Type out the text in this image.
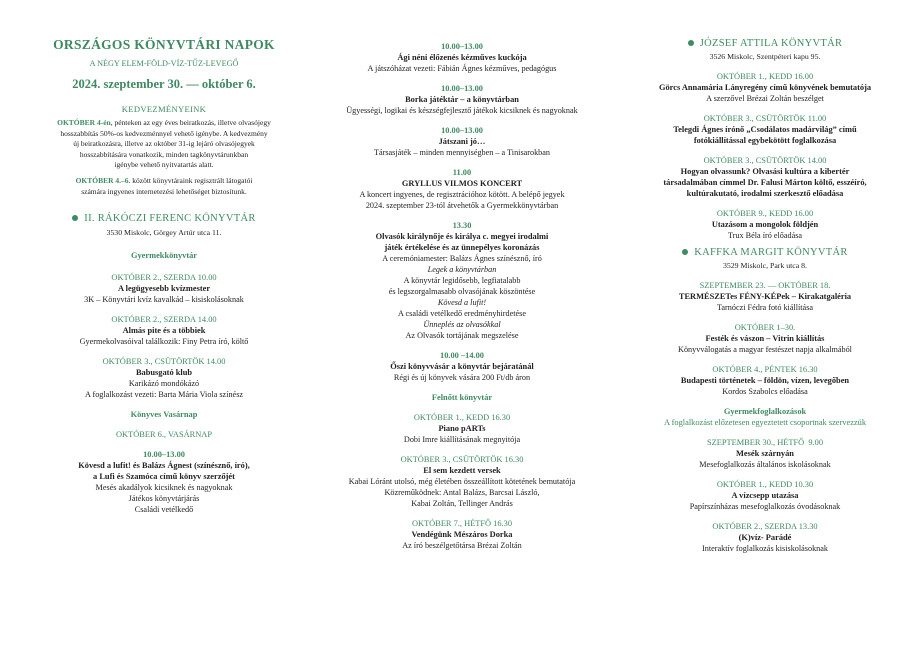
ORSZÁGOS KÖNYVTÁRI NAPOK
A NÉGY ELEM-FÖLD-VÍZ-TŰZ-LEVEGŐ
2024. szeptember 30. — október 6.
KEDVEZMÉNYEINK
OKTÓBER 4-én, pénteken az egy éves beiratkozás, illetve olvasójegy
hosszabbítás 50%-os kedvezménnyel vehető igénybe. A kedvezmény
új beiratkozásra, illetve az október 31-ig lejáró olvasójegyek
hosszabbítására vonatkozik, minden tagkönyvtárunkban
igénybe vehető nyitvatartás alatt.
OKTÓBER 4.–6. között könyvtáraink regisztrált látogatói
számára ingyenes internetezési lehetőséget biztosítunk.
II. RÁKÓCZI FERENC KÖNYVTÁR
3530 Miskolc, Görgey Artúr utca 11.
Gyermekkönyvtár
OKTÓBER 2., SZERDA 10.00
A legügyesebb kvízmester
3K – Könyvtári kvíz kavalkád – kisiskolásoknak
OKTÓBER 2., SZERDA 14.00
Almás pite és a többiek
Gyermekolvasóival találkozik: Finy Petra író, költő
OKTÓBER 3., CSÜTÖRTÖK 14.00
Babusgató klub
Karikázó mondókázó
A foglalkozást vezeti: Barta Mária Viola színész
Könyves Vasárnap
OKTÓBER 6., VASÁRNAP
10.00–13.00
Kövesd a lufit! és Balázs Ágnest (színésznő, író),
a Lufi és Szamóca című könyv szerzőjét
Mesés akadályok kicsiknek és nagyoknak
Játékos könyvtárjárás
Családi vetélkedő
10.00–13.00
Ági néni élőzenés kézműves kuckója
A játszóházat vezeti: Fábián Ágnes kézműves, pedagógus
10.00–13.00
Borka játéktár – a könyvtárban
Ügyességi, logikai és készségfejlesztő játékok kicsiknek és nagyoknak
10.00–13.00
Játszani jó…
Társasjáték – minden mennyiségben – a Tinisarokban
11.00
GRYLLUS VILMOS KONCERT
A koncert ingyenes, de regisztrációhoz kötött. A belépő jegyek
2024. szeptember 23-tól átvehetők a Gyermekkönyvtárban
13.30
Olvasók királynője és királya c. megyei irodalmi
játék értékelése és az ünnepélyes koronázás
A ceremóniamester: Balázs Ágnes színésznő, író
Legek a könyvtárban
A könyvtár legidősebb, legfiatalabb
és legszorgalmasabb olvasójának köszöntése
Kövesd a lufit!
A családi vetélkedő eredményhirdetése
Ünneplés az olvasókkal
Az Olvasók tortájának megszelése
10.00 –14.00
Őszi könyvvásár a könyvtár bejáratánál
Régi és új könyvek vására 200 Ft/db áron
Felnőtt könyvtár
OKTÓBER 1., KEDD 16.30
Piano pARTs
Dobi Imre kiállításának megnyitója
OKTÓBER 3., CSÜTÖRTÖK 16.30
El sem kezdett versek
Kabai Lóránt utolsó, még életében összeállított kötetének bemutatója
Közreműködnek: Antal Balázs, Barcsai László,
Kabai Zoltán, Tellinger András
OKTÓBER 7., HÉTFŐ 16.30
Vendégünk Mészáros Dorka
Az író beszélgetőtársa Brézai Zoltán
JÓZSEF ATTILA KÖNYVTÁR
3526 Miskolc, Szentpéteri kapu 95.
OKTÓBER 1., KEDD 16.00
Görcs Annamária Lányregény című könyvének bemutatója
A szerzővel Brézai Zoltán beszélget
OKTÓBER 3., CSÜTÖRTÖK 11.00
Telegdi Ágnes írónő „Csodálatos madárvilág” című
fotókiállítással egybekötött foglalkozása
OKTÓBER 3., CSÜTÖRTÖK 14.00
Hogyan olvassunk? Olvasási kultúra a kibertér
társadalmában címmel Dr. Falusi Márton költő, esszéíró,
kultúrakutató, irodalmi szerkesztő előadása
OKTÓBER 9., KEDD 16.00
Utazásom a mongolok földjén
Trux Béla író előadása
KAFFKA MARGIT KÖNYVTÁR
3529 Miskolc, Park utca 8.
SZEPTEMBER 23. — OKTÓBER 18.
TERMÉSZETes FÉNY-KÉPek – Kirakatgaléria
Tarnóczi Fédra fotó kiállítása
OKTÓBER 1–30.
Festék és vászon – Vitrin kiállítás
Könyvválogatás a magyar festészet napja alkalmából
OKTÓBER 4., PÉNTEK 16.30
Budapesti történetek – földön, vízen, levegőben
Kordos Szabolcs előadása
Gyermekfoglalkozások
A foglalkozást előzetesen egyeztetett csoportnak szervezzük
SZEPTEMBER 30., HÉTFŐ  9.00
Mesék szárnyán
Mesefoglalkozás általános iskolásoknak
OKTÓBER 1., KEDD 10.30
A vízcsepp utazása
Papírszínházas mesefoglalkozás óvodásoknak
OKTÓBER 2., SZERDA 13.30
(K)víz- Parádé
Interaktív foglalkozás kisiskolásoknak
